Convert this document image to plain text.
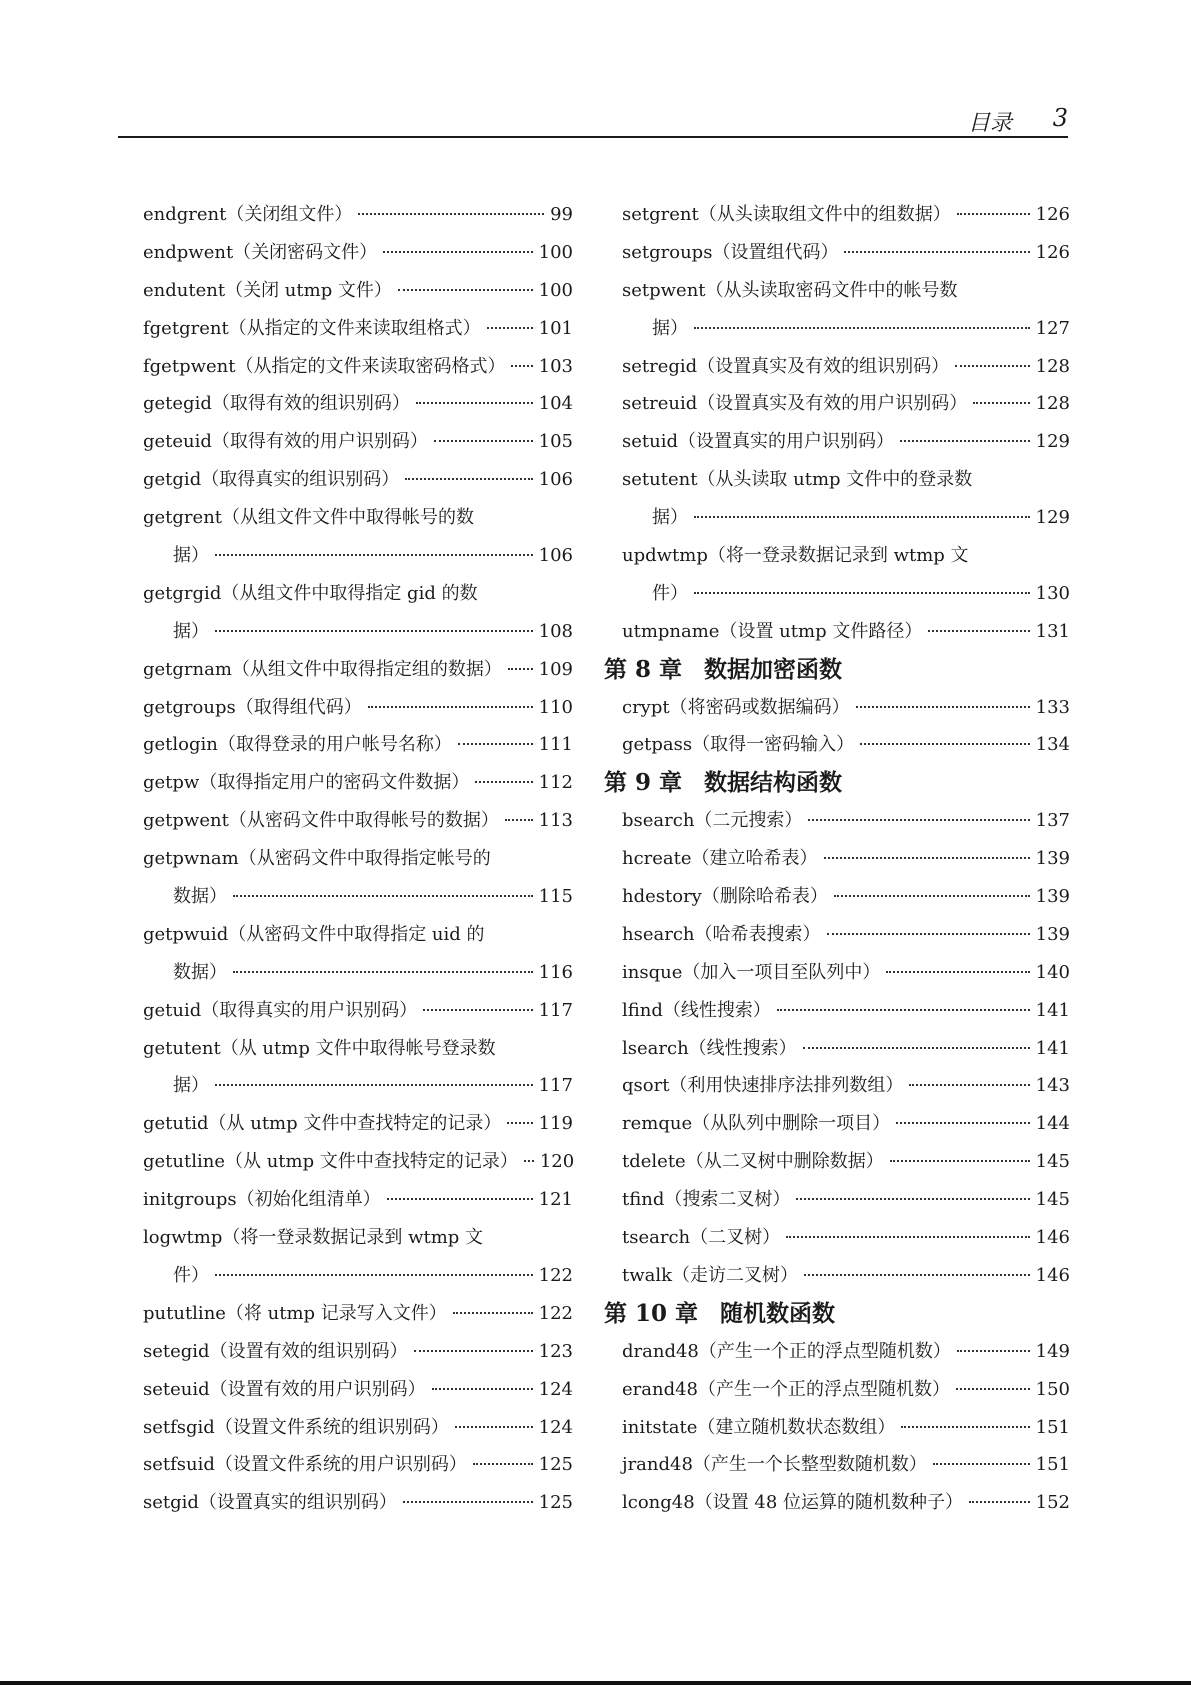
目录 3
endgrent（关闭组文件）	99
endpwent（关闭密码文件）	100
endutent（关闭 utmp 文件）	100
fgetgrent（从指定的文件来读取组格式）	101
fgetpwent（从指定的文件来读取密码格式） 103
getegid（取得有效的组识别码）	104
geteuid（取得有效的用户识别码）	105
getgid（取得真实的组识别码）	106
getgrent（从组文件文件中取得帐号的数
据）	106
getgrgid（从组文件中取得指定 gid 的数
据）	108
getgrnam（从组文件中取得指定组的数据） 109
getgroups（取得组代码）	110
getlogin（取得登录的用户帐号名称）	111
getpw（取得指定用户的密码文件数据）	112
getpwent（从密码文件中取得帐号的数据） 113
getpwnam（从密码文件中取得指定帐号的
数据）	115
getpwuid（从密码文件中取得指定 uid 的
数据）	116
getuid（取得真实的用户识别码）	117
getutent（从 utmp 文件中取得帐号登录数
据）	117
getutid（从 utmp 文件中查找特定的记录） 119
getutline（从 utmp 文件中查找特定的记录） 120
initgroups（初始化组清单）	121
logwtmp（将一登录数据记录到 wtmp 文
件）	122
pututline（将 utmp 记录写入文件）	122
setegid（设置有效的组识别码）	123
seteuid（设置有效的用户识别码）	124
setfsgid（设置文件系统的组识别码）	124
setfsuid（设置文件系统的用户识别码）	125
setgid（设置真实的组识别码）	125
setgrent（从头读取组文件中的组数据）	126
setgroups（设置组代码）	126
setpwent（从头读取密码文件中的帐号数
据）	127
setregid（设置真实及有效的组识别码）	128
setreuid（设置真实及有效的用户识别码）	128
setuid（设置真实的用户识别码）	129
setutent（从头读取 utmp 文件中的登录数
据）	129
updwtmp（将一登录数据记录到 wtmp 文
件）	130
utmpname（设置 utmp 文件路径）	131
第 8 章 数据加密函数
crypt（将密码或数据编码）	133
getpass（取得一密码输入）	134
第 9 章 数据结构函数
bsearch（二元搜索）	137
hcreate（建立哈希表）	139
hdestory（删除哈希表）	139
hsearch（哈希表搜索）	139
insque（加入一项目至队列中）	140
lfind（线性搜索）	141
lsearch（线性搜索）	141
qsort（利用快速排序法排列数组）	143
remque（从队列中删除一项目）	144
tdelete（从二叉树中删除数据）	145
tfind（搜索二叉树）	145
tsearch（二叉树）	146
twalk（走访二叉树）	146
第 10 章 随机数函数
drand48（产生一个正的浮点型随机数）	149
erand48（产生一个正的浮点型随机数）	150
initstate（建立随机数状态数组）	151
jrand48（产生一个长整型数随机数）	151
lcong48（设置 48 位运算的随机数种子）	152
